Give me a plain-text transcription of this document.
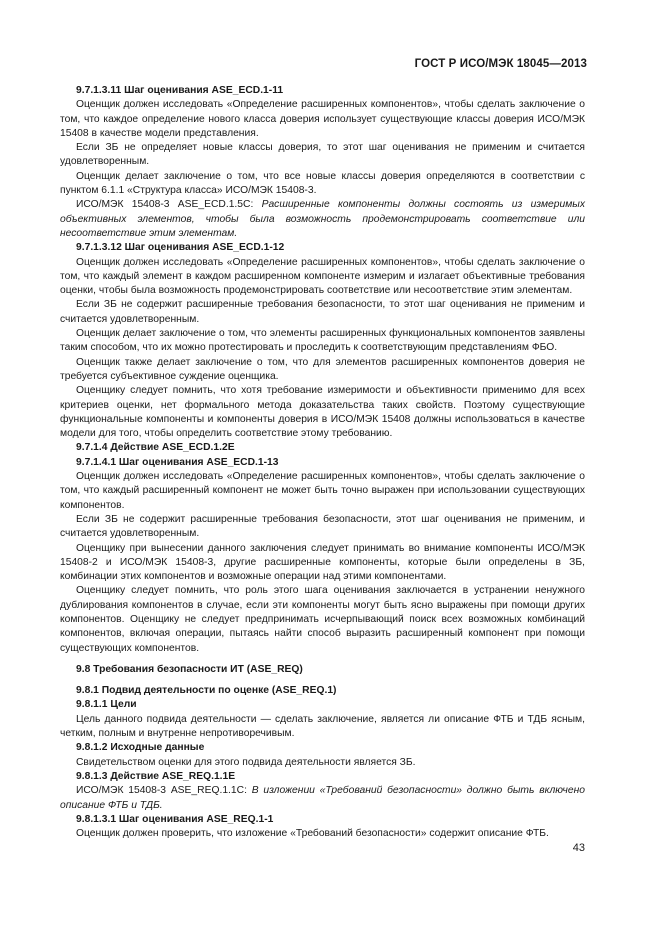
ГОСТ Р ИСО/МЭК 18045—2013

9.7.1.3.11 Шаг оценивания ASE_ECD.1-11

Оценщик должен исследовать «Определение расширенных компонентов», чтобы сделать заключение о том, что каждое определение нового класса доверия использует существующие классы доверия ИСО/МЭК 15408 в качестве модели представления.

Если ЗБ не определяет новые классы доверия, то этот шаг оценивания не применим и считается удовлетворенным.

Оценщик делает заключение о том, что все новые классы доверия определяются в соответствии с пунктом 6.1.1 «Структура класса» ИСО/МЭК 15408-3.

ИСО/МЭК 15408-3 ASE_ECD.1.5C: Расширенные компоненты должны состоять из измеримых объективных элементов, чтобы была возможность продемонстрировать соответствие или несоответствие этим элементам.

9.7.1.3.12 Шаг оценивания ASE_ECD.1-12

Оценщик должен исследовать «Определение расширенных компонентов», чтобы сделать заключение о том, что каждый элемент в каждом расширенном компоненте измерим и излагает объективные требования оценки, чтобы была возможность продемонстрировать соответствие или несоответствие этим элементам.

Если ЗБ не содержит расширенные требования безопасности, то этот шаг оценивания не применим и считается удовлетворенным.

Оценщик делает заключение о том, что элементы расширенных функциональных компонентов заявлены таким способом, что их можно протестировать и проследить к соответствующим представлениям ФБО.

Оценщик также делает заключение о том, что для элементов расширенных компонентов доверия не требуется субъективное суждение оценщика.

Оценщику следует помнить, что хотя требование измеримости и объективности применимо для всех критериев оценки, нет формального метода доказательства таких свойств. Поэтому существующие функциональные компоненты и компоненты доверия в ИСО/МЭК 15408 должны использоваться в качестве модели для того, чтобы определить соответствие этому требованию.

9.7.1.4 Действие ASE_ECD.1.2E

9.7.1.4.1 Шаг оценивания ASE_ECD.1-13

Оценщик должен исследовать «Определение расширенных компонентов», чтобы сделать заключение о том, что каждый расширенный компонент не может быть точно выражен при использовании существующих компонентов.

Если ЗБ не содержит расширенные требования безопасности, этот шаг оценивания не применим, и считается удовлетворенным.

Оценщику при вынесении данного заключения следует принимать во внимание компоненты ИСО/МЭК 15408-2 и ИСО/МЭК 15408-3, другие расширенные компоненты, которые были определены в ЗБ, комбинации этих компонентов и возможные операции над этими компонентами.

Оценщику следует помнить, что роль этого шага оценивания заключается в устранении ненужного дублирования компонентов в случае, если эти компоненты могут быть ясно выражены при помощи других компонентов. Оценщику не следует предпринимать исчерпывающий поиск всех возможных комбинаций компонентов, включая операции, пытаясь найти способ выразить расширенный компонент при помощи существующих компонентов.

9.8 Требования безопасности ИТ (ASE_REQ)

9.8.1 Подвид деятельности по оценке (ASE_REQ.1)

9.8.1.1 Цели

Цель данного подвида деятельности — сделать заключение, является ли описание ФТБ и ТДБ ясным, четким, полным и внутренне непротиворечивым.

9.8.1.2 Исходные данные

Свидетельством оценки для этого подвида деятельности является ЗБ.

9.8.1.3 Действие ASE_REQ.1.1E

ИСО/МЭК 15408-3 ASE_REQ.1.1C: В изложении «Требований безопасности» должно быть включено описание ФТБ и ТДБ.

9.8.1.3.1 Шаг оценивания ASE_REQ.1-1

Оценщик должен проверить, что изложение «Требований безопасности» содержит описание ФТБ.

43
